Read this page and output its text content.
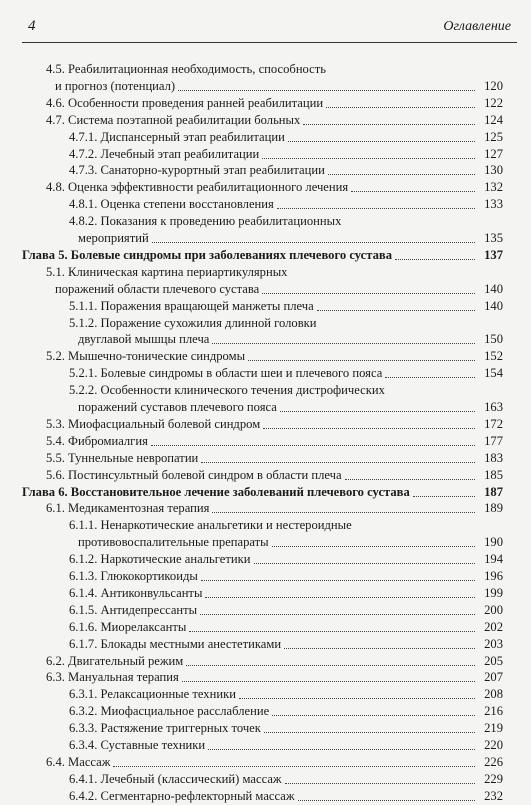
4	Оглавление
4.5. Реабилитационная необходимость, способность
и прогноз (потенциал)	120
4.6. Особенности проведения ранней реабилитации	122
4.7. Система поэтапной реабилитации больных	124
4.7.1. Диспансерный этап реабилитации	125
4.7.2. Лечебный этап реабилитации	127
4.7.3. Санаторно-курортный этап реабилитации	130
4.8. Оценка эффективности реабилитационного лечения	132
4.8.1. Оценка степени восстановления	133
4.8.2. Показания к проведению реабилитационных
мероприятий	135
Глава 5. Болевые синдромы при заболеваниях плечевого сустава	137
5.1. Клиническая картина периартикулярных
поражений области плечевого сустава	140
5.1.1. Поражения вращающей манжеты плеча	140
5.1.2. Поражение сухожилия длинной головки
двуглавой мышцы плеча	150
5.2. Мышечно-тонические синдромы	152
5.2.1. Болевые синдромы в области шеи и плечевого пояса	154
5.2.2. Особенности клинического течения дистрофических
поражений суставов плечевого пояса	163
5.3. Миофасциальный болевой синдром	172
5.4. Фибромиалгия	177
5.5. Туннельные невропатии	183
5.6. Постинсультный болевой синдром в области плеча	185
Глава 6. Восстановительное лечение заболеваний плечевого сустава	187
6.1. Медикаментозная терапия	189
6.1.1. Ненаркотические анальгетики и нестероидные
противовоспалительные препараты	190
6.1.2. Наркотические анальгетики	194
6.1.3. Глюкокортикоиды	196
6.1.4. Антиконвульсанты	199
6.1.5. Антидепрессанты	200
6.1.6. Миорелаксанты	202
6.1.7. Блокады местными анестетиками	203
6.2. Двигательный режим	205
6.3. Мануальная терапия	207
6.3.1. Релаксационные техники	208
6.3.2. Миофасциальное расслабление	216
6.3.3. Растяжение триггерных точек	219
6.3.4. Суставные техники	220
6.4. Массаж	226
6.4.1. Лечебный (классический) массаж	229
6.4.2. Сегментарно-рефлекторный массаж	232
